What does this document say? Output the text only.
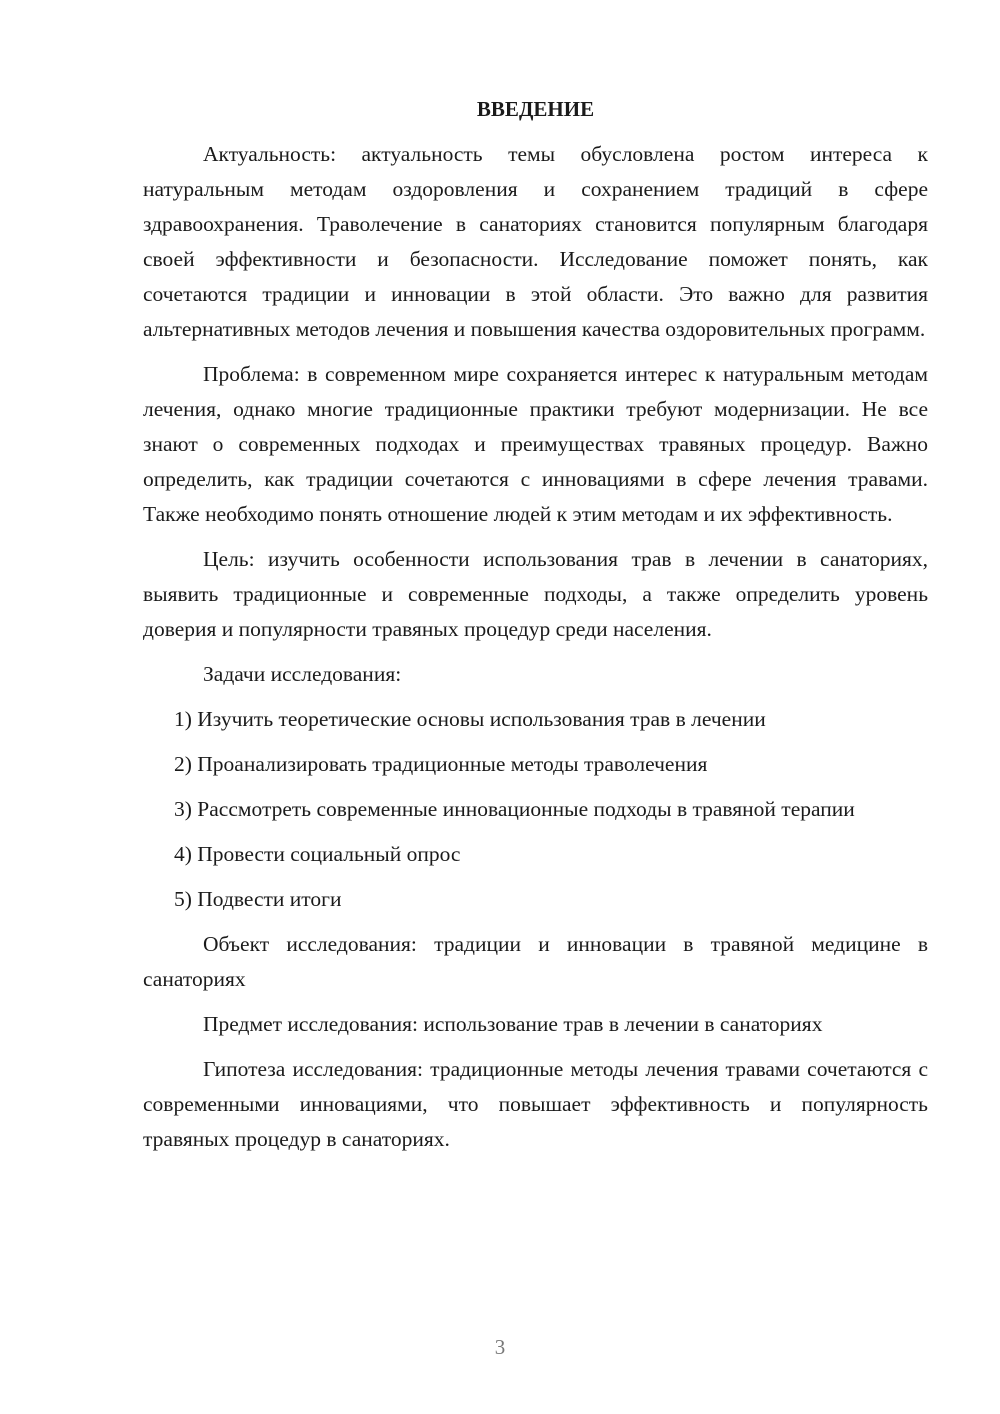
ВВЕДЕНИЕ

Актуальность: актуальность темы обусловлена ростом интереса к натуральным методам оздоровления и сохранением традиций в сфере здравоохранения. Траволечение в санаториях становится популярным благодаря своей эффективности и безопасности. Исследование поможет понять, как сочетаются традиции и инновации в этой области. Это важно для развития альтернативных методов лечения и повышения качества оздоровительных программ.

Проблема: в современном мире сохраняется интерес к натуральным методам лечения, однако многие традиционные практики требуют модернизации. Не все знают о современных подходах и преимуществах травяных процедур. Важно определить, как традиции сочетаются с инновациями в сфере лечения травами. Также необходимо понять отношение людей к этим методам и их эффективность.

Цель: изучить особенности использования трав в лечении в санаториях, выявить традиционные и современные подходы, а также определить уровень доверия и популярности травяных процедур среди населения.

Задачи исследования:

1) Изучить теоретические основы использования трав в лечении

2) Проанализировать традиционные методы траволечения

3) Рассмотреть современные инновационные подходы в травяной терапии

4) Провести социальный опрос

5) Подвести итоги

Объект исследования: традиции и инновации в травяной медицине в санаториях

Предмет исследования: использование трав в лечении в санаториях

Гипотеза исследования: традиционные методы лечения травами сочетаются с современными инновациями, что повышает эффективность и популярность травяных процедур в санаториях.

3
